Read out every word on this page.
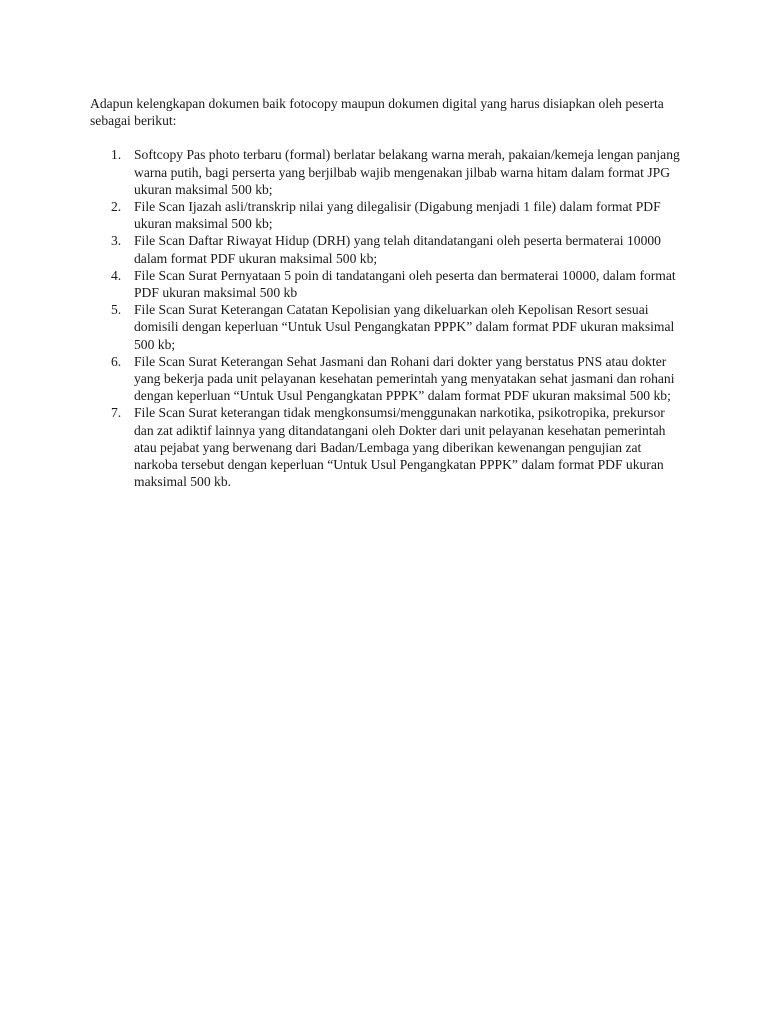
Adapun kelengkapan dokumen baik fotocopy maupun dokumen digital yang harus disiapkan oleh peserta sebagai berikut:

1. Softcopy Pas photo terbaru (formal) berlatar belakang warna merah, pakaian/kemeja lengan panjang warna putih, bagi perserta yang berjilbab wajib mengenakan jilbab warna hitam dalam format JPG ukuran maksimal 500 kb;
2. File Scan Ijazah asli/transkrip nilai yang dilegalisir (Digabung menjadi 1 file) dalam format PDF ukuran maksimal 500 kb;
3. File Scan Daftar Riwayat Hidup (DRH) yang telah ditandatangani oleh peserta bermaterai 10000 dalam format PDF ukuran maksimal 500 kb;
4. File Scan Surat Pernyataan 5 poin di tandatangani oleh peserta dan bermaterai 10000, dalam format PDF ukuran maksimal 500 kb
5. File Scan Surat Keterangan Catatan Kepolisian yang dikeluarkan oleh Kepolisan Resort sesuai domisili dengan keperluan “Untuk Usul Pengangkatan PPPK” dalam format PDF ukuran maksimal 500 kb;
6. File Scan Surat Keterangan Sehat Jasmani dan Rohani dari dokter yang berstatus PNS atau dokter yang bekerja pada unit pelayanan kesehatan pemerintah yang menyatakan sehat jasmani dan rohani dengan keperluan “Untuk Usul Pengangkatan PPPK” dalam format PDF ukuran maksimal 500 kb;
7. File Scan Surat keterangan tidak mengkonsumsi/menggunakan narkotika, psikotropika, prekursor dan zat adiktif lainnya yang ditandatangani oleh Dokter dari unit pelayanan kesehatan pemerintah atau pejabat yang berwenang dari Badan/Lembaga yang diberikan kewenangan pengujian zat narkoba tersebut dengan keperluan “Untuk Usul Pengangkatan PPPK” dalam format PDF ukuran maksimal 500 kb.
